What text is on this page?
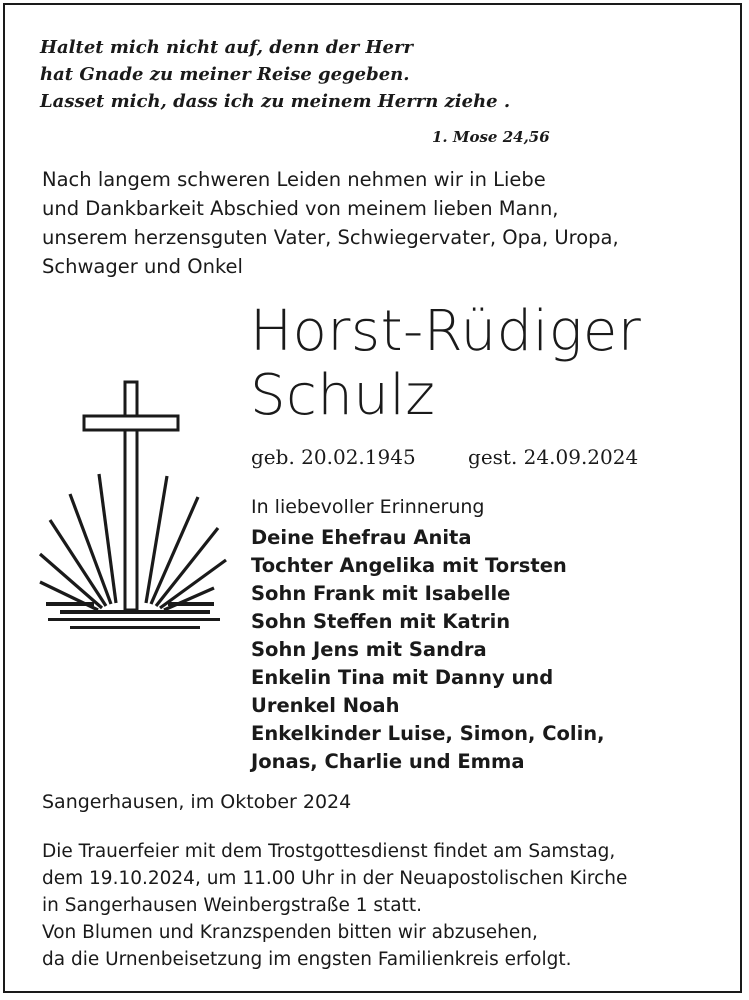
Haltet mich nicht auf, denn der Herr
hat Gnade zu meiner Reise gegeben.
Lasset mich, dass ich zu meinem Herrn ziehe .
1. Mose 24,56
Nach langem schweren Leiden nehmen wir in Liebe
und Dankbarkeit Abschied von meinem lieben Mann,
unserem herzensguten Vater, Schwiegervater, Opa, Uropa,
Schwager und Onkel
Horst-Rüdiger
Schulz
geb. 20.02.1945	gest. 24.09.2024
In liebevoller Erinnerung
Deine Ehefrau Anita
Tochter Angelika mit Torsten
Sohn Frank mit Isabelle
Sohn Steffen mit Katrin
Sohn Jens mit Sandra
Enkelin Tina mit Danny und
Urenkel Noah
Enkelkinder Luise, Simon, Colin,
Jonas, Charlie und Emma
Sangerhausen, im Oktober 2024
Die Trauerfeier mit dem Trostgottesdienst findet am Samstag,
dem 19.10.2024, um 11.00 Uhr in der Neuapostolischen Kirche
in Sangerhausen Weinbergstraße 1 statt.
Von Blumen und Kranzspenden bitten wir abzusehen,
da die Urnenbeisetzung im engsten Familienkreis erfolgt.
